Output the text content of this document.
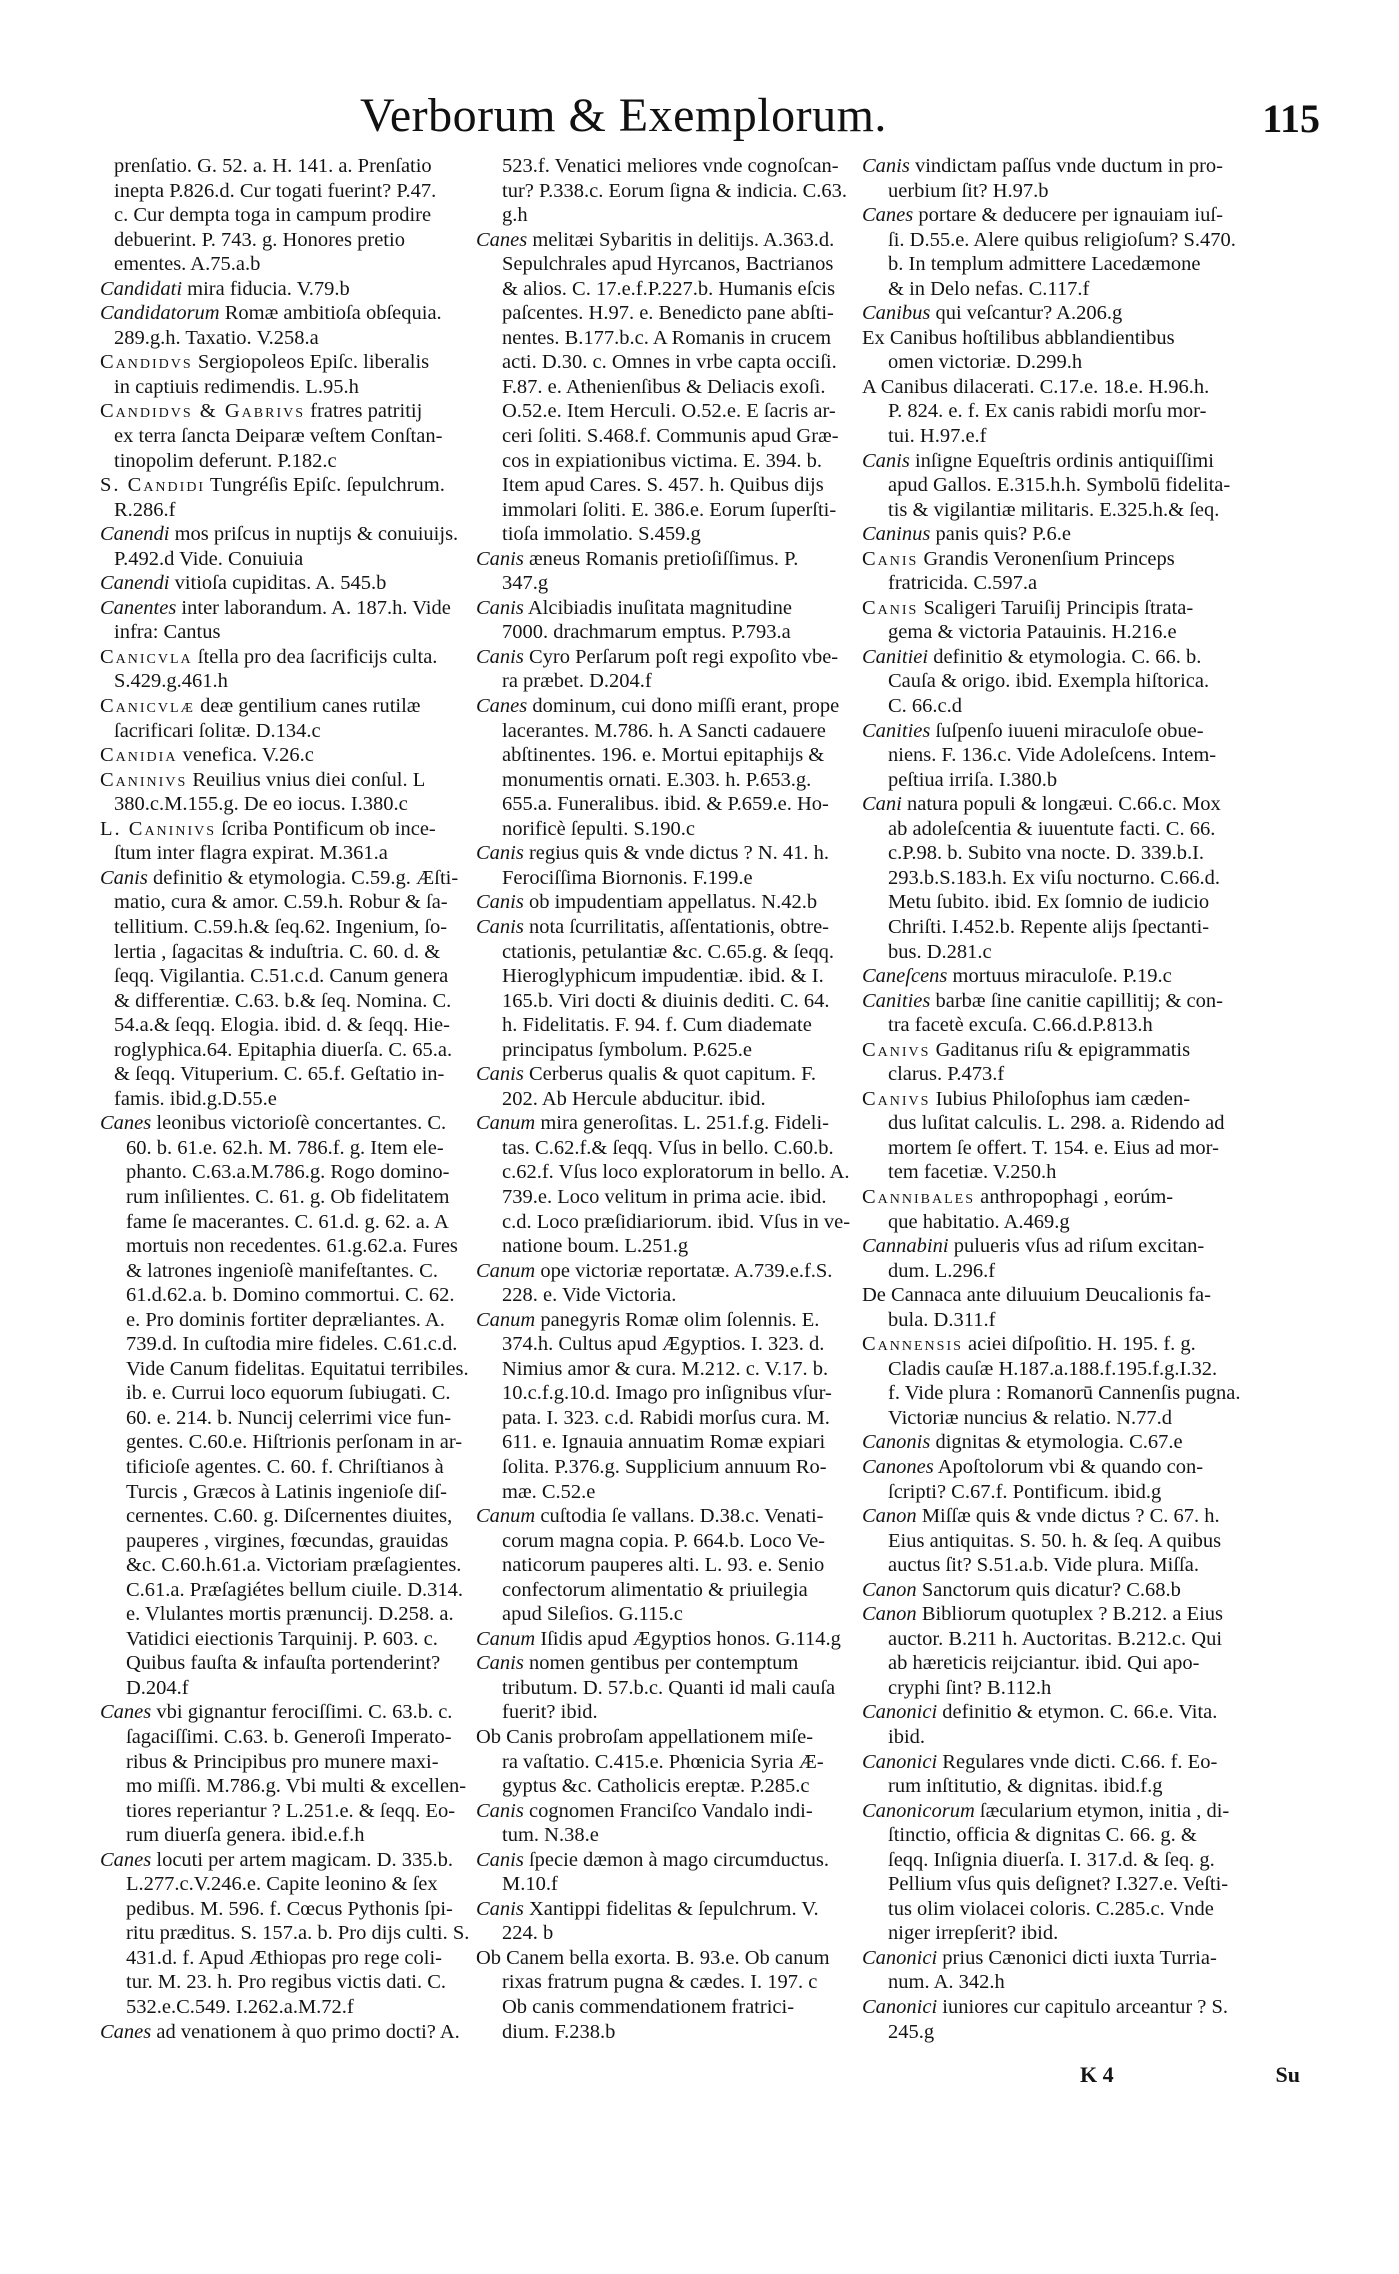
Verborum & Exemplorum.	115
prenſatio. G. 52. a. H. 141. a. Prenſatio
inepta P.826.d. Cur togati fuerint? P.47.
c. Cur dempta toga in campum prodire
debuerint. P. 743. g. Honores pretio
ementes. A.75.a.b
Candidati mira fiducia. V.79.b
Candidatorum Romæ ambitioſa obſequia.
289.g.h. Taxatio. V.258.a
Candidvs Sergiopoleos Epiſc. liberalis
in captiuis redimendis. L.95.h
Candidvs & Gabrivs fratres patritij
ex terra ſancta Deiparæ veſtem Conſtan-
tinopolim deferunt. P.182.c
S. Candidi Tungréſis Epiſc. ſepulchrum.
R.286.f
Canendi mos priſcus in nuptijs & conuiuijs.
P.492.d Vide. Conuiuia
Canendi vitioſa cupiditas. A. 545.b
Canentes inter laborandum. A. 187.h. Vide
infra: Cantus
Canicvla ſtella pro dea ſacrificijs culta.
S.429.g.461.h
Canicvlæ deæ gentilium canes rutilæ
ſacrificari ſolitæ. D.134.c
Canidia venefica. V.26.c
Caninivs Reuilius vnius diei conſul. L
380.c.M.155.g. De eo iocus. I.380.c
L. Caninivs ſcriba Pontificum ob ince-
ſtum inter flagra expirat. M.361.a
Canis definitio & etymologia. C.59.g. Æſti-
matio, cura & amor. C.59.h. Robur & ſa-
tellitium. C.59.h.& ſeq.62. Ingenium, ſo-
lertia , ſagacitas & induſtria. C. 60. d. &
ſeqq. Vigilantia. C.51.c.d. Canum genera
& differentiæ. C.63. b.& ſeq. Nomina. C.
54.a.& ſeqq. Elogia. ibid. d. & ſeqq. Hie-
roglyphica.64. Epitaphia diuerſa. C. 65.a.
& ſeqq. Vituperium. C. 65.f. Geſtatio in-
famis. ibid.g.D.55.e
Canes leonibus victorioſè concertantes. C.
60. b. 61.e. 62.h. M. 786.f. g. Item ele-
phanto. C.63.a.M.786.g. Rogo domino-
rum inſilientes. C. 61. g. Ob fidelitatem
fame ſe macerantes. C. 61.d. g. 62. a. A
mortuis non recedentes. 61.g.62.a. Fures
& latrones ingenioſè manifeſtantes. C.
61.d.62.a. b. Domino commortui. C. 62.
e. Pro dominis fortiter depræliantes. A.
739.d. In cuſtodia mire fideles. C.61.c.d.
Vide Canum fidelitas. Equitatui terribiles.
ib. e. Currui loco equorum ſubiugati. C.
60. e. 214. b. Nuncij celerrimi vice fun-
gentes. C.60.e. Hiſtrionis perſonam in ar-
tificioſe agentes. C. 60. f. Chriſtianos à
Turcis , Græcos à Latinis ingenioſe diſ-
cernentes. C.60. g. Diſcernentes diuites,
pauperes , virgines, fœcundas, grauidas
&c. C.60.h.61.a. Victoriam præſagientes.
C.61.a. Præſagiétes bellum ciuile. D.314.
e. Vlulantes mortis prænuncij. D.258. a.
Vatidici eiectionis Tarquinij. P. 603. c.
Quibus fauſta & infauſta portenderint?
D.204.f
Canes vbi gignantur ferociſſimi. C. 63.b. c.
ſagaciſſimi. C.63. b. Generoſi Imperato-
ribus & Principibus pro munere maxi-
mo miſſi. M.786.g. Vbi multi & excellen-
tiores reperiantur ? L.251.e. & ſeqq. Eo-
rum diuerſa genera. ibid.e.f.h
Canes locuti per artem magicam. D. 335.b.
L.277.c.V.246.e. Capite leonino & ſex
pedibus. M. 596. f. Cœcus Pythonis ſpi-
ritu præditus. S. 157.a. b. Pro dijs culti. S.
431.d. f. Apud Æthiopas pro rege coli-
tur. M. 23. h. Pro regibus victis dati. C.
532.e.C.549. I.262.a.M.72.f
Canes ad venationem à quo primo docti? A.
523.f. Venatici meliores vnde cognoſcan-
tur? P.338.c. Eorum ſigna & indicia. C.63.
g.h
Canes melitæi Sybaritis in delitijs. A.363.d.
Sepulchrales apud Hyrcanos, Bactrianos
& alios. C. 17.e.f.P.227.b. Humanis eſcis
paſcentes. H.97. e. Benedicto pane abſti-
nentes. B.177.b.c. A Romanis in crucem
acti. D.30. c. Omnes in vrbe capta occiſi.
F.87. e. Athenienſibus & Deliacis exoſi.
O.52.e. Item Herculi. O.52.e. E ſacris ar-
ceri ſoliti. S.468.f. Communis apud Græ-
cos in expiationibus victima. E. 394. b.
Item apud Cares. S. 457. h. Quibus dijs
immolari ſoliti. E. 386.e. Eorum ſuperſti-
tioſa immolatio. S.459.g
Canis æneus Romanis pretioſiſſimus. P.
347.g
Canis Alcibiadis inuſitata magnitudine
7000. drachmarum emptus. P.793.a
Canis Cyro Perſarum poſt regi expoſito vbe-
ra præbet. D.204.f
Canes dominum, cui dono miſſi erant, prope
lacerantes. M.786. h. A Sancti cadauere
abſtinentes. 196. e. Mortui epitaphijs &
monumentis ornati. E.303. h. P.653.g.
655.a. Funeralibus. ibid. & P.659.e. Ho-
norificè ſepulti. S.190.c
Canis regius quis & vnde dictus ? N. 41. h.
Ferociſſima Biornonis. F.199.e
Canis ob impudentiam appellatus. N.42.b
Canis nota ſcurrilitatis, aſſentationis, obtre-
ctationis, petulantiæ &c. C.65.g. & ſeqq.
Hieroglyphicum impudentiæ. ibid. & I.
165.b. Viri docti & diuinis dediti. C. 64.
h. Fidelitatis. F. 94. f. Cum diademate
principatus ſymbolum. P.625.e
Canis Cerberus qualis & quot capitum. F.
202. Ab Hercule abducitur. ibid.
Canum mira generoſitas. L. 251.f.g. Fideli-
tas. C.62.f.& ſeqq. Vſus in bello. C.60.b.
c.62.f. Vſus loco exploratorum in bello. A.
739.e. Loco velitum in prima acie. ibid.
c.d. Loco præſidiariorum. ibid. Vſus in ve-
natione boum. L.251.g
Canum ope victoriæ reportatæ. A.739.e.f.S.
228. e. Vide Victoria.
Canum panegyris Romæ olim ſolennis. E.
374.h. Cultus apud Ægyptios. I. 323. d.
Nimius amor & cura. M.212. c. V.17. b.
10.c.f.g.10.d. Imago pro inſignibus vſur-
pata. I. 323. c.d. Rabidi morſus cura. M.
611. e. Ignauia annuatim Romæ expiari
ſolita. P.376.g. Supplicium annuum Ro-
mæ. C.52.e
Canum cuſtodia ſe vallans. D.38.c. Venati-
corum magna copia. P. 664.b. Loco Ve-
naticorum pauperes alti. L. 93. e. Senio
confectorum alimentatio & priuilegia
apud Sileſios. G.115.c
Canum Iſidis apud Ægyptios honos. G.114.g
Canis nomen gentibus per contemptum
tributum. D. 57.b.c. Quanti id mali cauſa
fuerit? ibid.
Ob Canis probroſam appellationem miſe-
ra vaſtatio. C.415.e. Phœnicia Syria Æ-
gyptus &c. Catholicis ereptæ. P.285.c
Canis cognomen Franciſco Vandalo indi-
tum. N.38.e
Canis ſpecie dæmon à mago circumductus.
M.10.f
Canis Xantippi fidelitas & ſepulchrum. V.
224. b
Ob Canem bella exorta. B. 93.e. Ob canum
rixas fratrum pugna & cædes. I. 197. c
Ob canis commendationem fratrici-
dium. F.238.b
Canis vindictam paſſus vnde ductum in pro-
uerbium ſit? H.97.b
Canes portare & deducere per ignauiam iuſ-
ſi. D.55.e. Alere quibus religioſum? S.470.
b. In templum admittere Lacedæmone
& in Delo nefas. C.117.f
Canibus qui veſcantur? A.206.g
Ex Canibus hoſtilibus abblandientibus
omen victoriæ. D.299.h
A Canibus dilacerati. C.17.e. 18.e. H.96.h.
P. 824. e. f. Ex canis rabidi morſu mor-
tui. H.97.e.f
Canis inſigne Equeſtris ordinis antiquiſſimi
apud Gallos. E.315.h.h. Symbolū fidelita-
tis & vigilantiæ militaris. E.325.h.& ſeq.
Caninus panis quis? P.6.e
Canis Grandis Veronenſium Princeps
fratricida. C.597.a
Canis Scaligeri Taruiſij Principis ſtrata-
gema & victoria Patauinis. H.216.e
Canitiei definitio & etymologia. C. 66. b.
Cauſa & origo. ibid. Exempla hiſtorica.
C. 66.c.d
Canities ſuſpenſo iuueni miraculoſe obue-
niens. F. 136.c. Vide Adoleſcens. Intem-
peſtiua irriſa. I.380.b
Cani natura populi & longæui. C.66.c. Mox
ab adoleſcentia & iuuentute facti. C. 66.
c.P.98. b. Subito vna nocte. D. 339.b.I.
293.b.S.183.h. Ex viſu nocturno. C.66.d.
Metu ſubito. ibid. Ex ſomnio de iudicio
Chriſti. I.452.b. Repente alijs ſpectanti-
bus. D.281.c
Caneſcens mortuus miraculoſe. P.19.c
Canities barbæ ſine canitie capillitij; & con-
tra facetè excuſa. C.66.d.P.813.h
Canivs Gaditanus riſu & epigrammatis
clarus. P.473.f
Canivs Iubius Philoſophus iam cæden-
dus luſitat calculis. L. 298. a. Ridendo ad
mortem ſe offert. T. 154. e. Eius ad mor-
tem facetiæ. V.250.h
Cannibales anthropophagi , eorúm-
que habitatio. A.469.g
Cannabini pulueris vſus ad riſum excitan-
dum. L.296.f
De Cannaca ante diluuium Deucalionis fa-
bula. D.311.f
Cannensis aciei diſpoſitio. H. 195. f. g.
Cladis cauſæ H.187.a.188.f.195.f.g.I.32.
f. Vide plura : Romanorū Cannenſis pugna.
Victoriæ nuncius & relatio. N.77.d
Canonis dignitas & etymologia. C.67.e
Canones Apoſtolorum vbi & quando con-
ſcripti? C.67.f. Pontificum. ibid.g
Canon Miſſæ quis & vnde dictus ? C. 67. h.
Eius antiquitas. S. 50. h. & ſeq. A quibus
auctus ſit? S.51.a.b. Vide plura. Miſſa.
Canon Sanctorum quis dicatur? C.68.b
Canon Bibliorum quotuplex ? B.212. a Eius
auctor. B.211 h. Auctoritas. B.212.c. Qui
ab hæreticis reijciantur. ibid. Qui apo-
cryphi ſint? B.112.h
Canonici definitio & etymon. C. 66.e. Vita.
ibid.
Canonici Regulares vnde dicti. C.66. f. Eo-
rum inſtitutio, & dignitas. ibid.f.g
Canonicorum ſæcularium etymon, initia , di-
ſtinctio, officia & dignitas C. 66. g. &
ſeqq. Inſignia diuerſa. I. 317.d. & ſeq. g.
Pellium vſus quis deſignet? I.327.e. Veſti-
tus olim violacei coloris. C.285.c. Vnde
niger irrepſerit? ibid.
Canonici prius Cænonici dicti iuxta Turria-
num. A. 342.h
Canonici iuniores cur capitulo arceantur ? S.
245.g
K 4	Su
